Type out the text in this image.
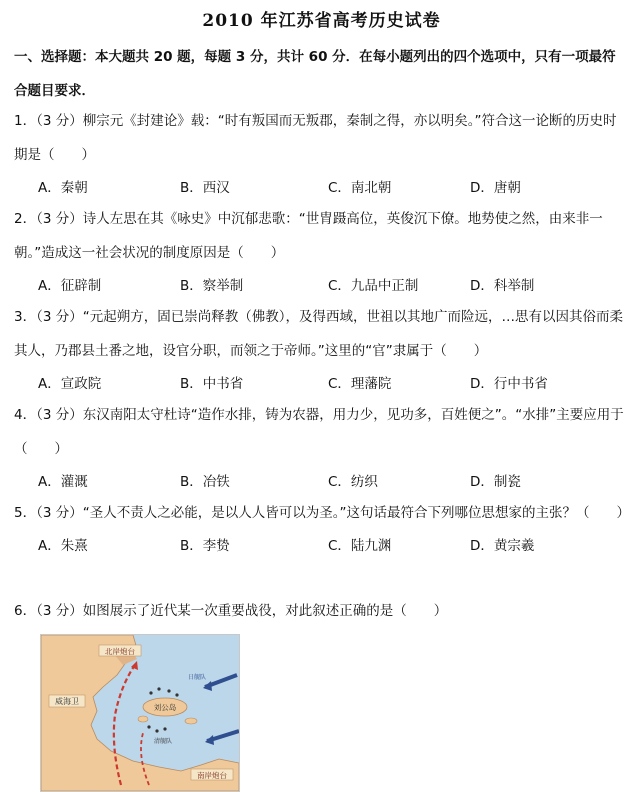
2010 年江苏省高考历史试卷
一、选择题：本大题共 20 题，每题 3 分，共计 60 分．在每小题列出的四个选项中，只有一项最符合题目要求．
1．（3 分）柳宗元《封建论》载：“时有叛国而无叛郡，秦制之得，亦以明矣。”符合这一论断的历史时期是（　　）
A．秦朝	B．西汉	C．南北朝	D．唐朝
2．（3 分）诗人左思在其《咏史》中沉郁悲歌：“世胄蹑高位，英俊沉下僚。地势使之然，由来非一朝。”造成这一社会状况的制度原因是（　　）
A．征辟制	B．察举制	C．九品中正制	D．科举制
3．（3 分）“元起朔方，固已崇尚释教（佛教），及得西域，世祖以其地广而险远，…思有以因其俗而柔其人，乃郡县土番之地，设官分职，而领之于帝师。”这里的“官”隶属于（　　）
A．宣政院	B．中书省	C．理藩院	D．行中书省
4．（3 分）东汉南阳太守杜诗“造作水排，铸为农器，用力少，见功多，百姓便之”。“水排”主要应用于（　　）
A．灌溉	B．冶铁	C．纺织	D．制瓷
5．（3 分）“圣人不责人之必能，是以人人皆可以为圣。”这句话最符合下列哪位思想家的主张？（　　）
A．朱熹	B．李贽	C．陆九渊	D．黄宗羲
6．（3 分）如图展示了近代某一次重要战役，对此叙述正确的是（　　）
北岸炮台
威海卫
刘公岛
日舰队
清舰队
南岸炮台
